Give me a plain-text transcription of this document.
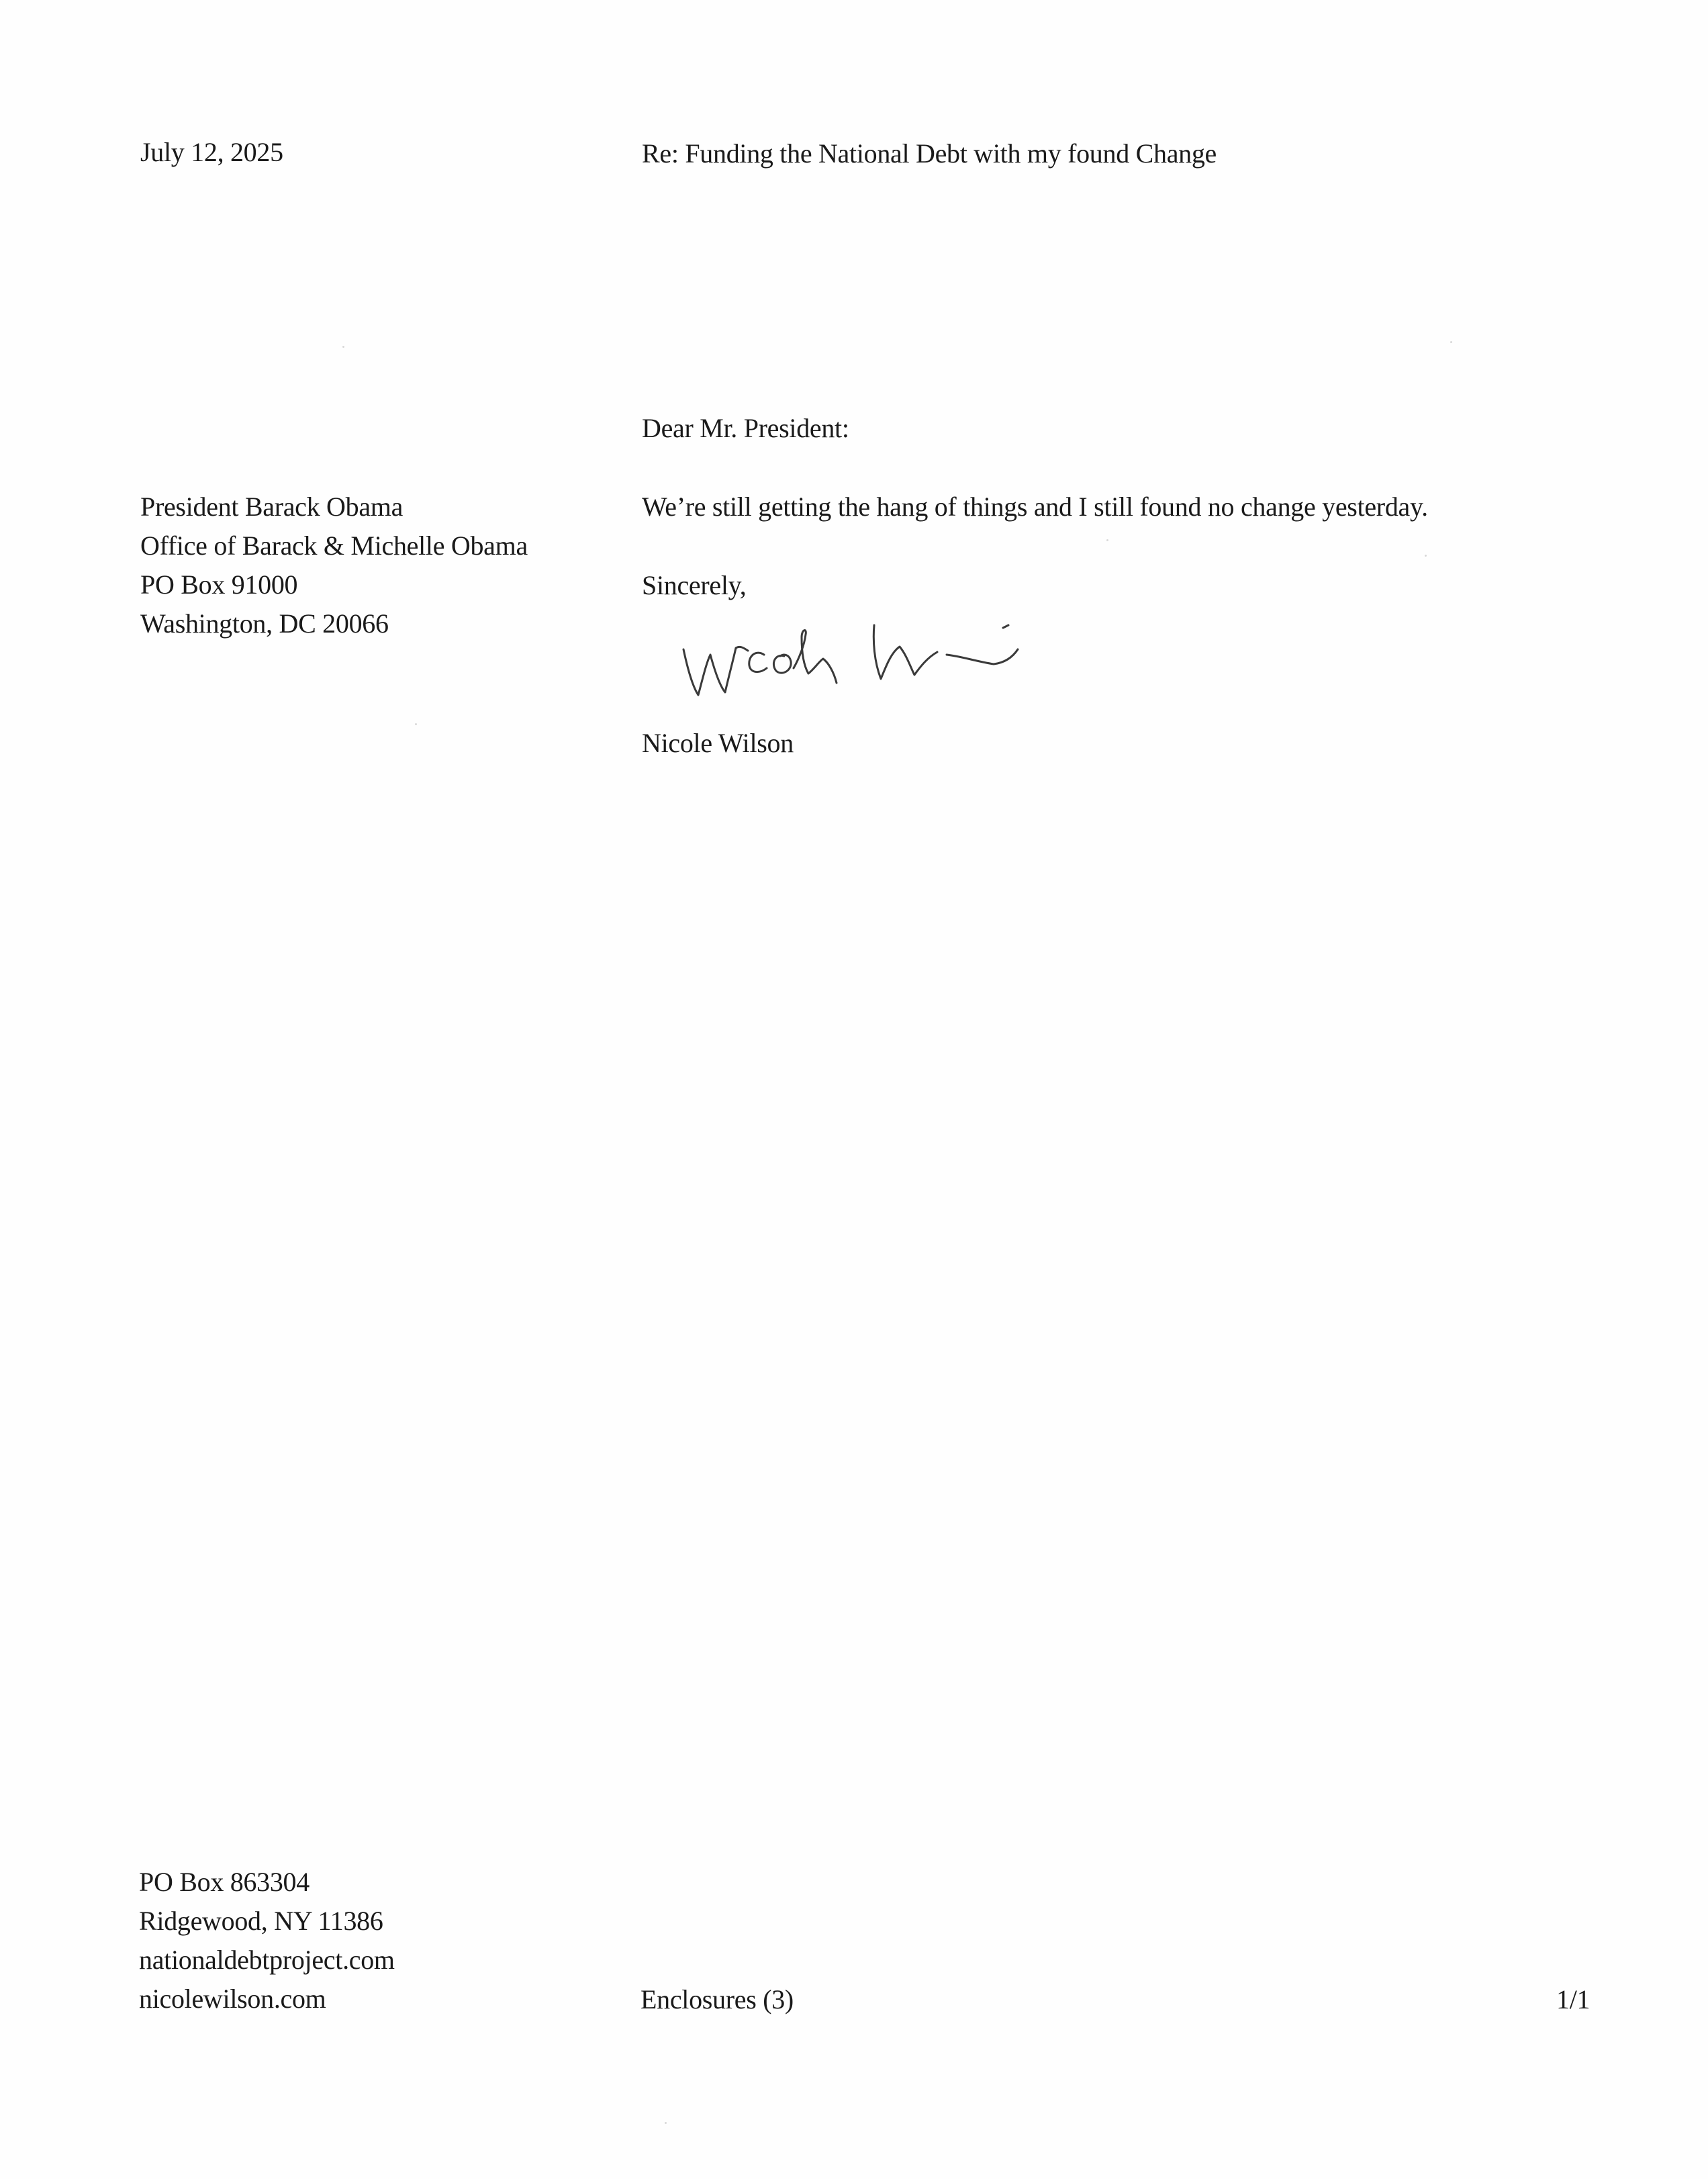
July 12, 2025	Re: Funding the National Debt with my found Change
Dear Mr. President:
President Barack Obama
Office of Barack & Michelle Obama
PO Box 91000
Washington, DC 20066
We’re still getting the hang of things and I still found no change yesterday.
Sincerely,
Nicole Wilson
PO Box 863304
Ridgewood, NY 11386
nationaldebtproject.com
nicolewilson.com	Enclosures (3)	1/1
